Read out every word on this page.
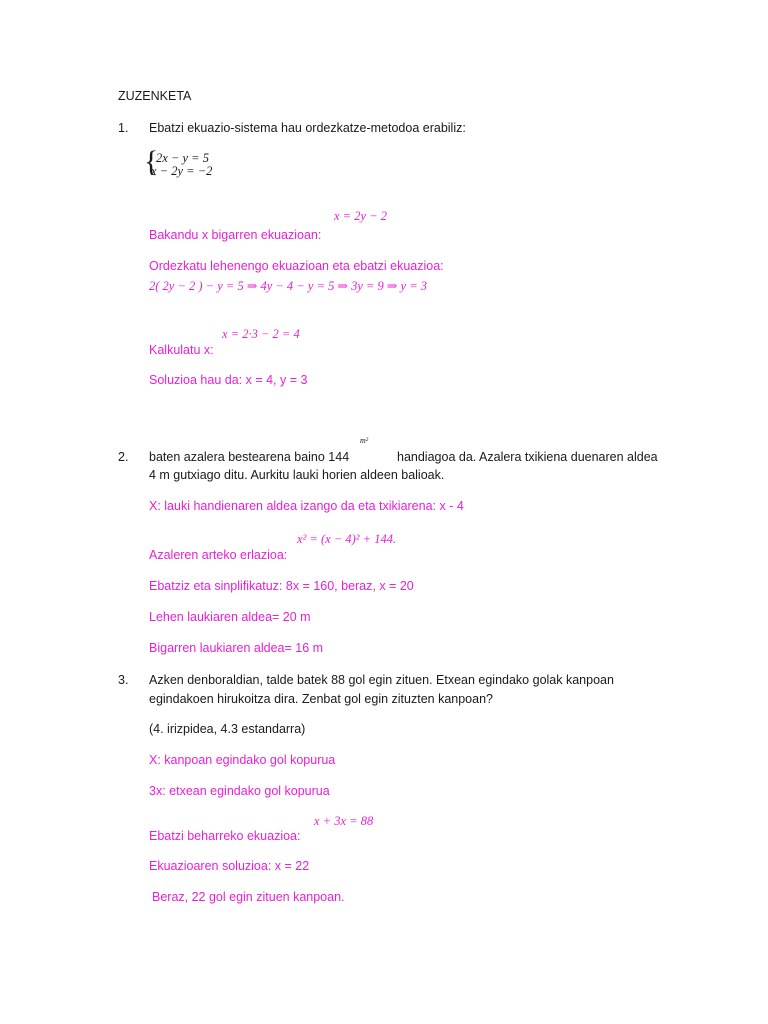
ZUZENKETA
1. Ebatzi ekuazio-sistema hau ordezkatze-metodoa erabiliz:
{
2x − y = 5
x − 2y = −2
x = 2y − 2
Bakandu x bigarren ekuazioan:
Ordezkatu lehenengo ekuazioan eta ebatzi ekuazioa:
2( 2y − 2 ) − y = 5 ⇒ 4y − 4 − y = 5 ⇒ 3y = 9 ⇒ y = 3
x = 2·3 − 2 = 4
Kalkulatu x:
Soluzioa hau da: x = 4, y = 3
m²
2. baten azalera bestearena baino 144	handiagoa da. Azalera txikiena duenaren aldea
4 m gutxiago ditu. Aurkitu lauki horien aldeen balioak.
X: lauki handienaren aldea izango da eta txikiarena: x - 4
x² = (x − 4)² + 144.
Azaleren arteko erlazioa:
Ebatziz eta sinplifikatuz: 8x = 160, beraz, x = 20
Lehen laukiaren aldea= 20 m
Bigarren laukiaren aldea= 16 m
3. Azken denboraldian, talde batek 88 gol egin zituen. Etxean egindako golak kanpoan
egindakoen hirukoitza dira. Zenbat gol egin zituzten kanpoan?
(4. irizpidea, 4.3 estandarra)
X: kanpoan egindako gol kopurua
3x: etxean egindako gol kopurua
x + 3x = 88
Ebatzi beharreko ekuazioa:
Ekuazioaren soluzioa: x = 22
Beraz, 22 gol egin zituen kanpoan.
